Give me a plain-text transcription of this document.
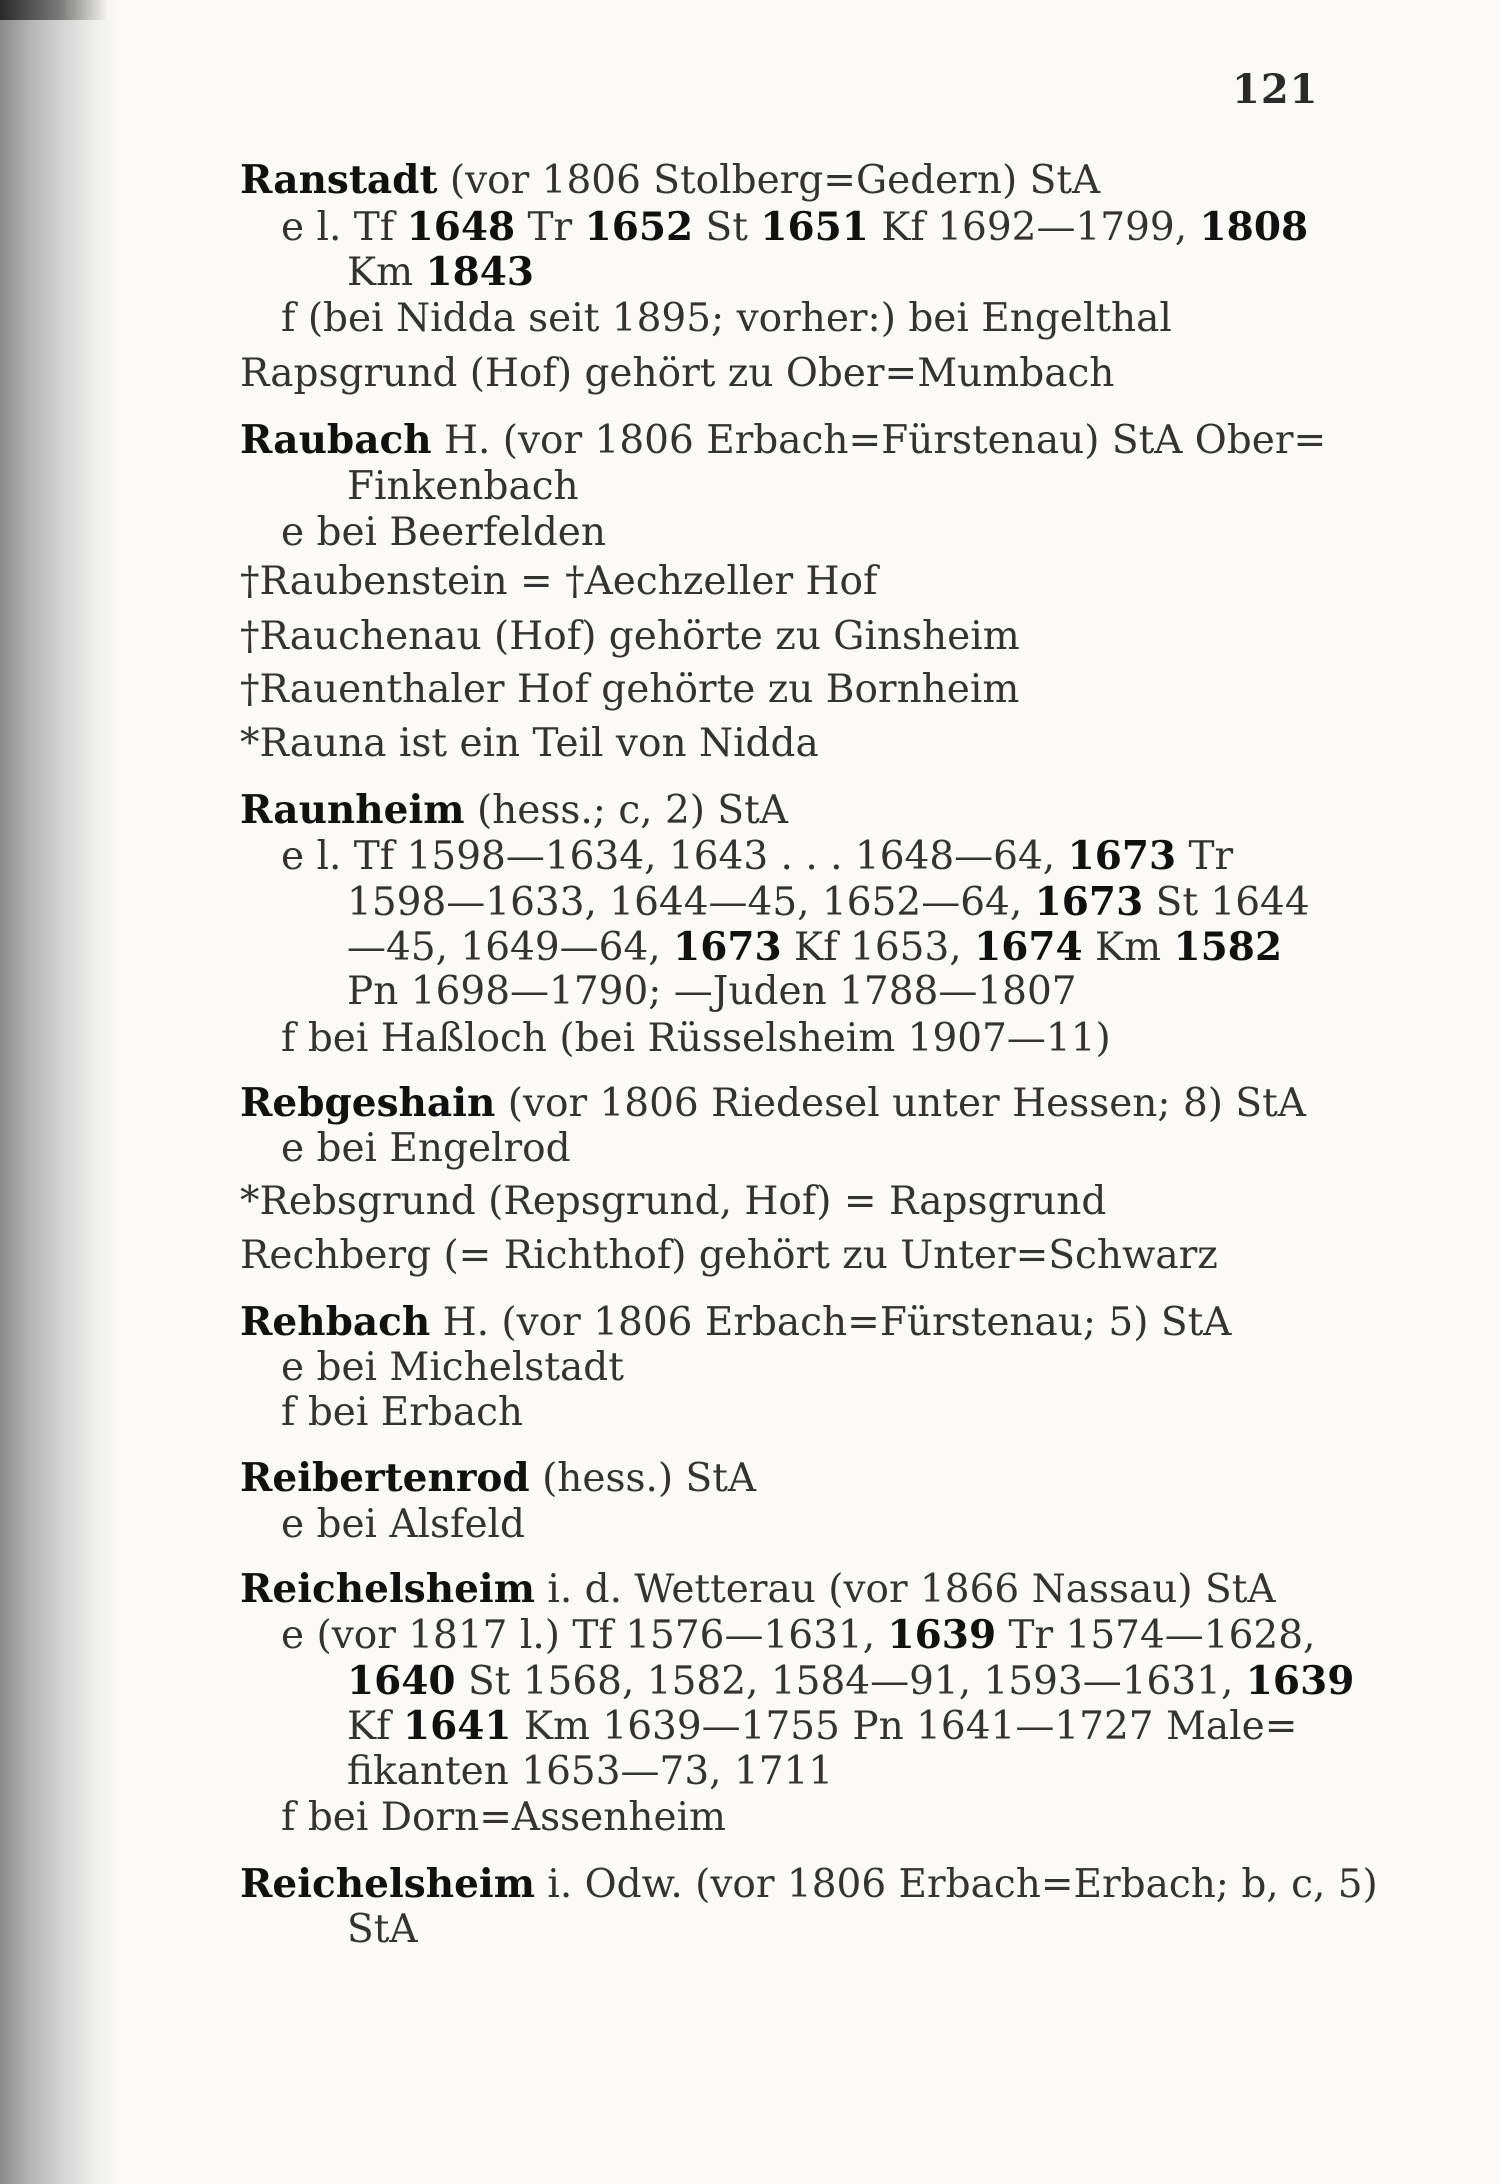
121
Ranstadt (vor 1806 Stolberg=Gedern) StA
e l. Tf 1648 Tr 1652 St 1651 Kf 1692—1799, 1808
Km 1843
f (bei Nidda seit 1895; vorher:) bei Engelthal
Rapsgrund (Hof) gehört zu Ober=Mumbach
Raubach H. (vor 1806 Erbach=Fürstenau) StA Ober=
Finkenbach
e bei Beerfelden
†Raubenstein = †Aechzeller Hof
†Rauchenau (Hof) gehörte zu Ginsheim
†Rauenthaler Hof gehörte zu Bornheim
*Rauna ist ein Teil von Nidda
Raunheim (hess.; c, 2) StA
e l. Tf 1598—1634, 1643 . . . 1648—64, 1673 Tr
1598—1633, 1644—45, 1652—64, 1673 St 1644
—45, 1649—64, 1673 Kf 1653, 1674 Km 1582
Pn 1698—1790; —Juden 1788—1807
f bei Haßloch (bei Rüsselsheim 1907—11)
Rebgeshain (vor 1806 Riedesel unter Hessen; 8) StA
e bei Engelrod
*Rebsgrund (Repsgrund, Hof) = Rapsgrund
Rechberg (= Richthof) gehört zu Unter=Schwarz
Rehbach H. (vor 1806 Erbach=Fürstenau; 5) StA
e bei Michelstadt
f bei Erbach
Reibertenrod (hess.) StA
e bei Alsfeld
Reichelsheim i. d. Wetterau (vor 1866 Nassau) StA
e (vor 1817 l.) Tf 1576—1631, 1639 Tr 1574—1628,
1640 St 1568, 1582, 1584—91, 1593—1631, 1639
Kf 1641 Km 1639—1755 Pn 1641—1727 Male=
fikanten 1653—73, 1711
f bei Dorn=Assenheim
Reichelsheim i. Odw. (vor 1806 Erbach=Erbach; b, c, 5)
StA
